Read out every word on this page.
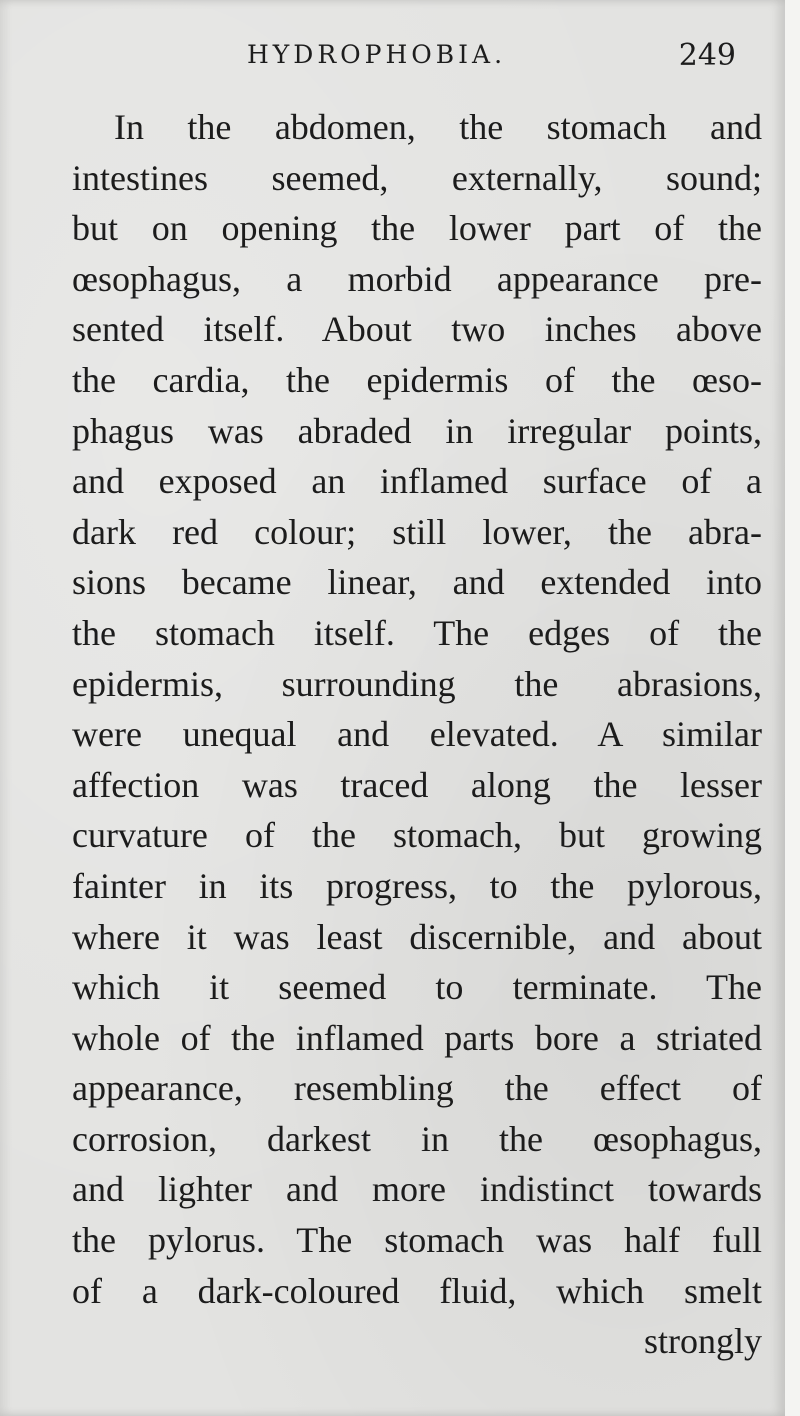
HYDROPHOBIA.	249
In the abdomen, the stomach and
intestines seemed, externally, sound;
but on opening the lower part of the
œsophagus, a morbid appearance pre-
sented itself. About two inches above
the cardia, the epidermis of the œso-
phagus was abraded in irregular points,
and exposed an inflamed surface of a
dark red colour; still lower, the abra-
sions became linear, and extended into
the stomach itself. The edges of the
epidermis, surrounding the abrasions,
were unequal and elevated. A similar
affection was traced along the lesser
curvature of the stomach, but growing
fainter in its progress, to the pylorous,
where it was least discernible, and about
which it seemed to terminate. The
whole of the inflamed parts bore a striated
appearance, resembling the effect of
corrosion, darkest in the œsophagus,
and lighter and more indistinct towards
the pylorus. The stomach was half full
of a dark-coloured fluid, which smelt
strongly
